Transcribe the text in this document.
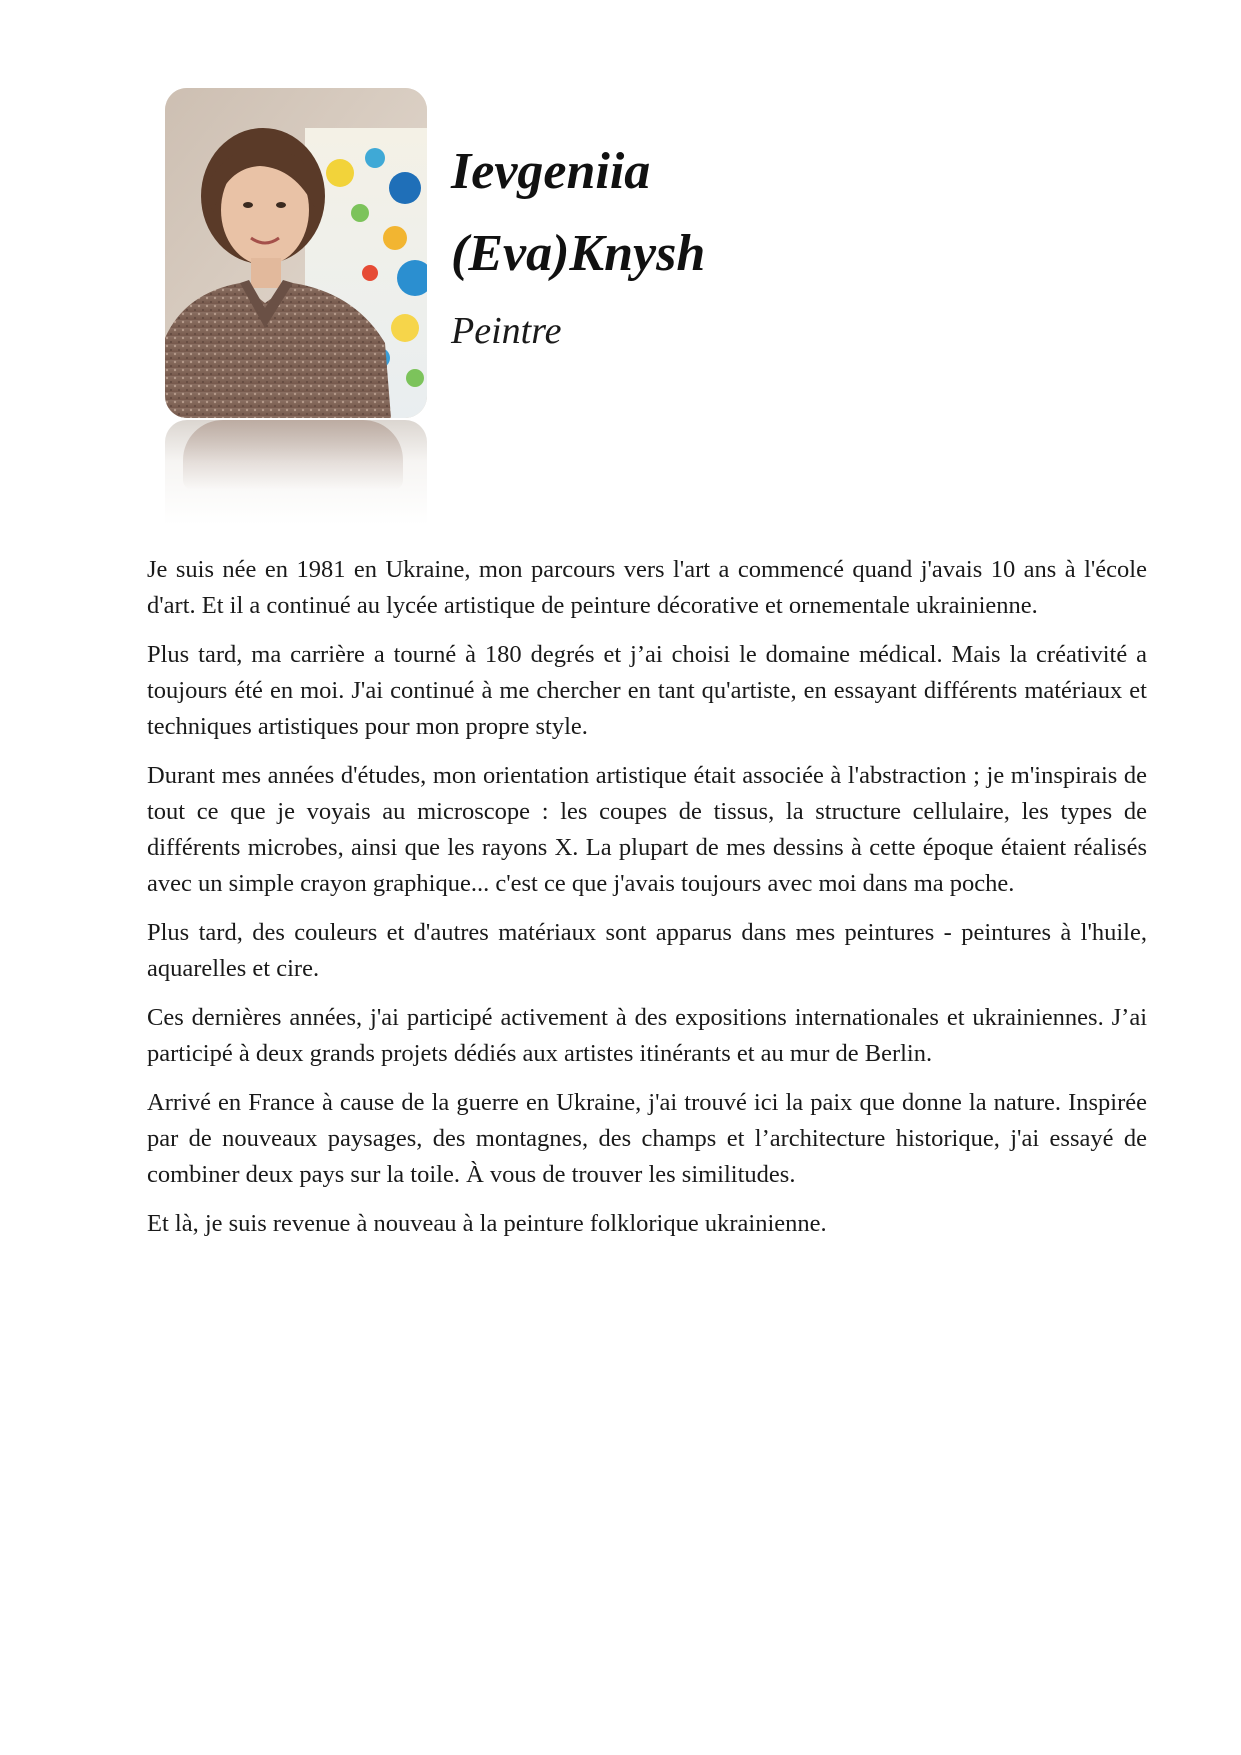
Ievgeniia
(Eva)Knysh
Peintre

Je suis née en 1981 en Ukraine, mon parcours vers l'art a commencé quand j'avais 10 ans à l'école d'art. Et il a continué au lycée artistique de peinture décorative et ornementale ukrainienne.

Plus tard, ma carrière a tourné à 180 degrés et j’ai choisi le domaine médical. Mais la créativité a toujours été en moi. J'ai continué à me chercher en tant qu'artiste, en essayant différents matériaux et techniques artistiques pour mon propre style.

Durant mes années d'études, mon orientation artistique était associée à l'abstraction ; je m'inspirais de tout ce que je voyais au microscope : les coupes de tissus, la structure cellulaire, les types de différents microbes, ainsi que les rayons X. La plupart de mes dessins à cette époque étaient réalisés avec un simple crayon graphique... c'est ce que j'avais toujours avec moi dans ma poche.

Plus tard, des couleurs et d'autres matériaux sont apparus dans mes peintures - peintures à l'huile, aquarelles et cire.

Ces dernières années, j'ai participé activement à des expositions internationales et ukrainiennes. J’ai participé à deux grands projets dédiés aux artistes itinérants et au mur de Berlin.

Arrivé en France à cause de la guerre en Ukraine, j'ai trouvé ici la paix que donne la nature. Inspirée par de nouveaux paysages, des montagnes, des champs et l’architecture historique, j'ai essayé de combiner deux pays sur la toile. À vous de trouver les similitudes.

Et là, je suis revenue à nouveau à la peinture folklorique ukrainienne.
